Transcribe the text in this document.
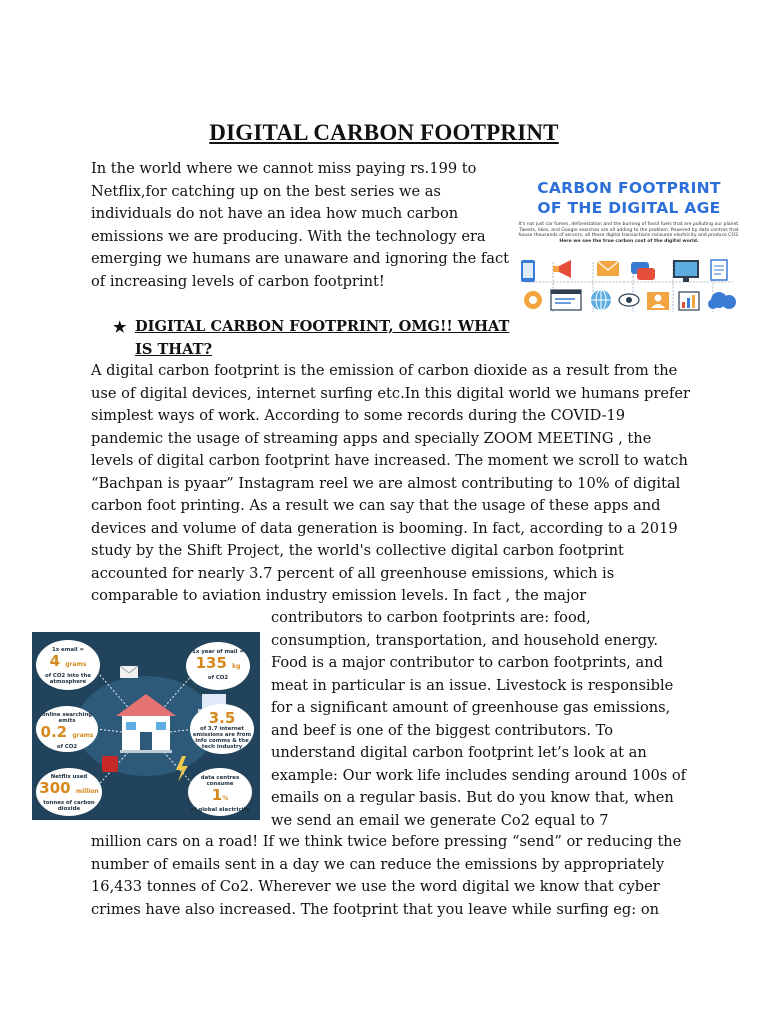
DIGITAL CARBON FOOTPRINT

In the world where we cannot miss paying rs.199 to Netflix,for catching up on the best series we as individuals do not have an idea how much carbon emissions we are producing. With the technology era emerging we humans are unaware and ignoring the fact of increasing levels of carbon footprint!

CARBON FOOTPRINT
OF THE DIGITAL AGE
It's not just car fumes, deforestation and the burning of fossil fuels that are polluting our planet. Tweets, likes, and Google searches are all adding to the problem. Powered by data centres that house thousands of servers, all these digital transactions consume electricity and produce CO2. Here we see the true carbon cost of the digital world.
★ DIGITAL CARBON FOOTPRINT, OMG!! WHAT IS THAT?

A digital carbon footprint is the emission of carbon dioxide as a result from the use of digital devices, internet surfing etc.In this digital world we humans prefer simplest ways of work. According to some records during the COVID-19 pandemic the usage of streaming apps and specially ZOOM MEETING , the levels of digital carbon footprint have increased. The moment we scroll to watch “Bachpan is pyaar” Instagram reel we are almost contributing to 10% of digital carbon foot printing. As a result we can say that the usage of these apps and devices and volume of data generation is booming. In fact, according to a 2019 study by the Shift Project, the world's collective digital carbon footprint accounted for nearly 3.7 percent of all greenhouse emissions, which is comparable to aviation industry emission levels. In fact , the major

1x email =
4 grams
of CO2 into the atmosphere
1x year of mail =
135 kg
of CO2
online searching emits
0.2 grams
of CO2
3.5
of 3.7 internet emissions are from info comms & the tech industry
Netflix used
300 million
tonnes of carbon dioxide
data centres consume
1%
of global electricity

contributors to carbon footprints are: food, consumption, transportation, and household energy. Food is a major contributor to carbon footprints, and meat in particular is an issue. Livestock is responsible for a significant amount of greenhouse gas emissions, and beef is one of the biggest contributors. To understand digital carbon footprint let’s look at an example: Our work life includes sending around 100s of emails on a regular basis. But do you know that, when we send an email we generate Co2 equal to 7

million cars on a road! If we think twice before pressing “send” or reducing the number of emails sent in a day we can reduce the emissions by appropriately 16,433 tonnes of Co2. Wherever we use the word digital we know that cyber crimes have also increased. The footprint that you leave while surfing eg: on
